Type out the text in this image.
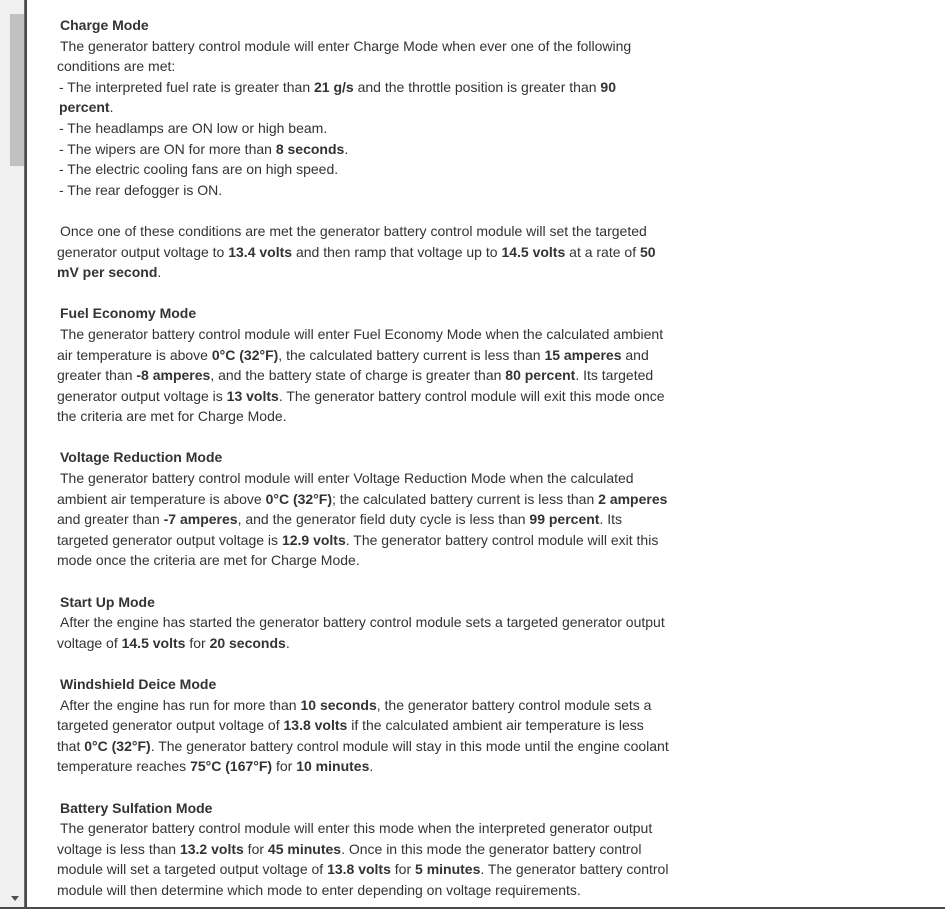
Charge Mode

The generator battery control module will enter Charge Mode when ever one of the following conditions are met:

- The interpreted fuel rate is greater than 21 g/s and the throttle position is greater than 90 percent.
- The headlamps are ON low or high beam.
- The wipers are ON for more than 8 seconds.
- The electric cooling fans are on high speed.
- The rear defogger is ON.

Once one of these conditions are met the generator battery control module will set the targeted generator output voltage to 13.4 volts and then ramp that voltage up to 14.5 volts at a rate of 50 mV per second.

Fuel Economy Mode

The generator battery control module will enter Fuel Economy Mode when the calculated ambient air temperature is above 0°C (32°F), the calculated battery current is less than 15 amperes and greater than -8 amperes, and the battery state of charge is greater than 80 percent. Its targeted generator output voltage is 13 volts. The generator battery control module will exit this mode once the criteria are met for Charge Mode.

Voltage Reduction Mode

The generator battery control module will enter Voltage Reduction Mode when the calculated ambient air temperature is above 0°C (32°F); the calculated battery current is less than 2 amperes and greater than -7 amperes, and the generator field duty cycle is less than 99 percent. Its targeted generator output voltage is 12.9 volts. The generator battery control module will exit this mode once the criteria are met for Charge Mode.

Start Up Mode

After the engine has started the generator battery control module sets a targeted generator output voltage of 14.5 volts for 20 seconds.

Windshield Deice Mode

After the engine has run for more than 10 seconds, the generator battery control module sets a targeted generator output voltage of 13.8 volts if the calculated ambient air temperature is less that 0°C (32°F). The generator battery control module will stay in this mode until the engine coolant temperature reaches 75°C (167°F) for 10 minutes.

Battery Sulfation Mode

The generator battery control module will enter this mode when the interpreted generator output voltage is less than 13.2 volts for 45 minutes. Once in this mode the generator battery control module will set a targeted output voltage of 13.8 volts for 5 minutes. The generator battery control module will then determine which mode to enter depending on voltage requirements.
